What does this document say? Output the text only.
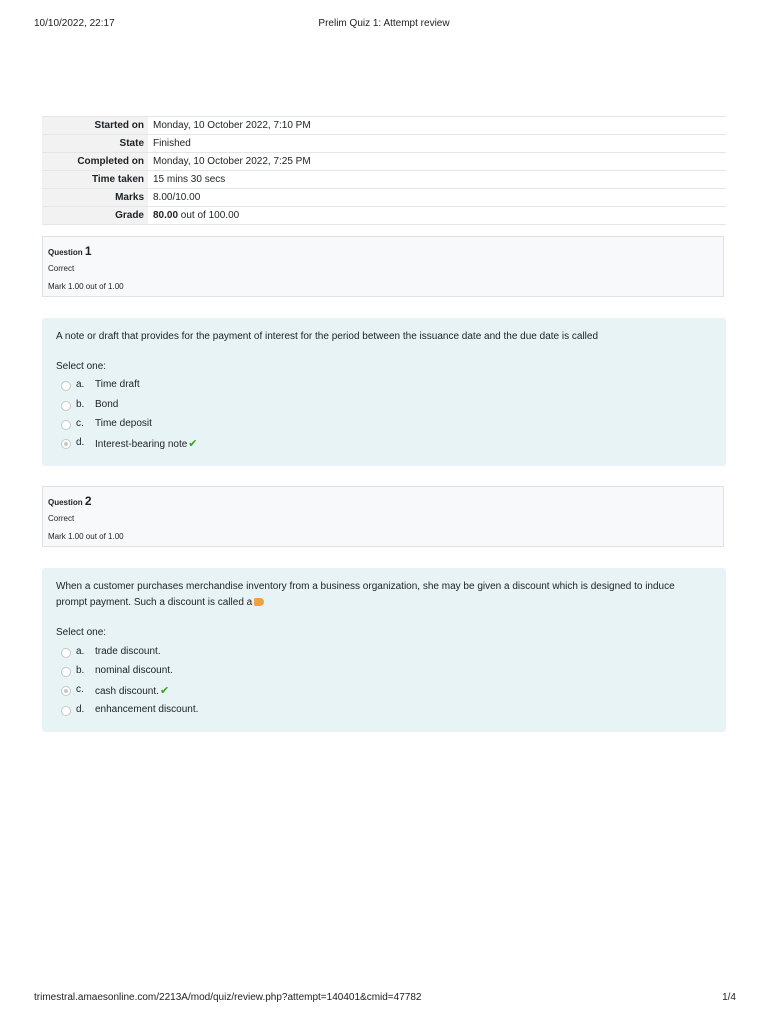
10/10/2022, 22:17	Prelim Quiz 1: Attempt review
Started on	Monday, 10 October 2022, 7:10 PM
State	Finished
Completed on	Monday, 10 October 2022, 7:25 PM
Time taken	15 mins 30 secs
Marks	8.00/10.00
Grade	80.00 out of 100.00
Question 1
Correct
Mark 1.00 out of 1.00
A note or draft that provides for the payment of interest for the period between the issuance date and the due date is called
Select one:
a. Time draft
b. Bond
c. Time deposit
d. Interest-bearing note✔
Question 2
Correct
Mark 1.00 out of 1.00
When a customer purchases merchandise inventory from a business organization, she may be given a discount which is designed to induce prompt payment. Such a discount is called a
Select one:
a. trade discount.
b. nominal discount.
c. cash discount.✔
d. enhancement discount.
trimestral.amaesonline.com/2213A/mod/quiz/review.php?attempt=140401&cmid=47782	1/4
